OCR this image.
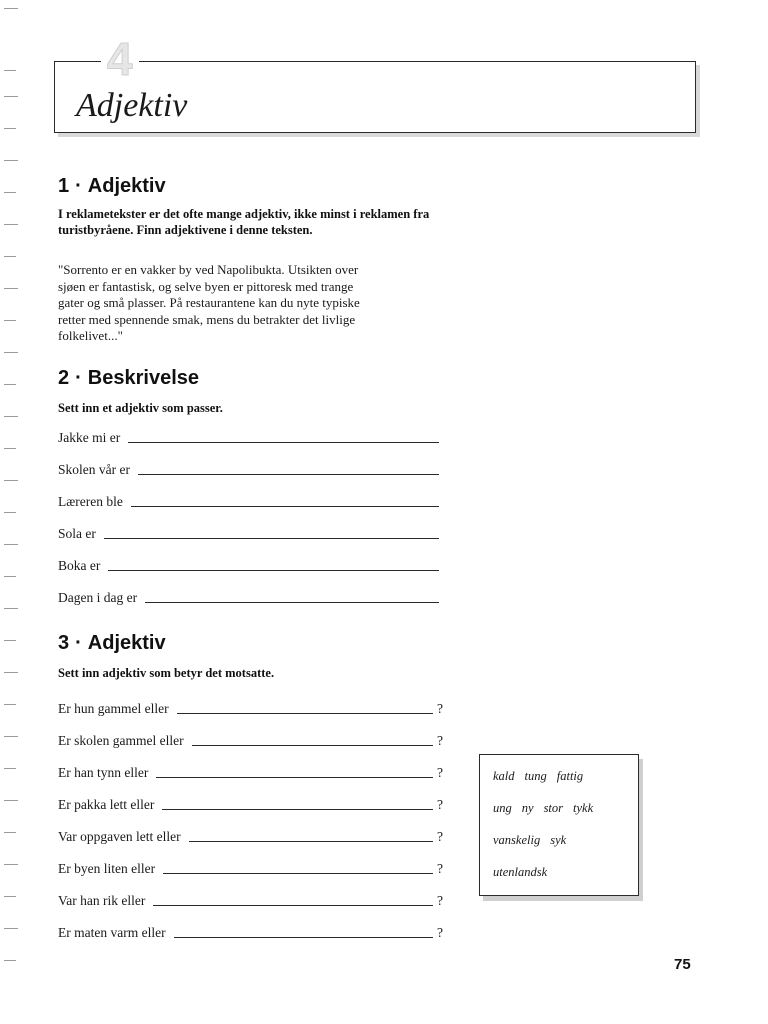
4
Adjektiv
1 · Adjektiv
I reklametekster er det ofte mange adjektiv, ikke minst i reklamen fra turistbyråene. Finn adjektivene i denne teksten.
"Sorrento er en vakker by ved Napolibukta. Utsikten over
sjøen er fantastisk, og selve byen er pittoresk med trange
gater og små plasser. På restaurantene kan du nyte typiske
retter med spennende smak, mens du betrakter det livlige
folkelivet..."
2 · Beskrivelse
Sett inn et adjektiv som passer.
Jakke mi er
Skolen vår er
Læreren ble
Sola er
Boka er
Dagen i dag er
3 · Adjektiv
Sett inn adjektiv som betyr det motsatte.
Er hun gammel eller	?
Er skolen gammel eller	?
Er han tynn eller	?
Er pakka lett eller	?
Var oppgaven lett eller	?
Er byen liten eller	?
Var han rik eller	?
Er maten varm eller	?
kald tung fattig
ung ny stor tykk
vanskelig syk
utenlandsk
75
